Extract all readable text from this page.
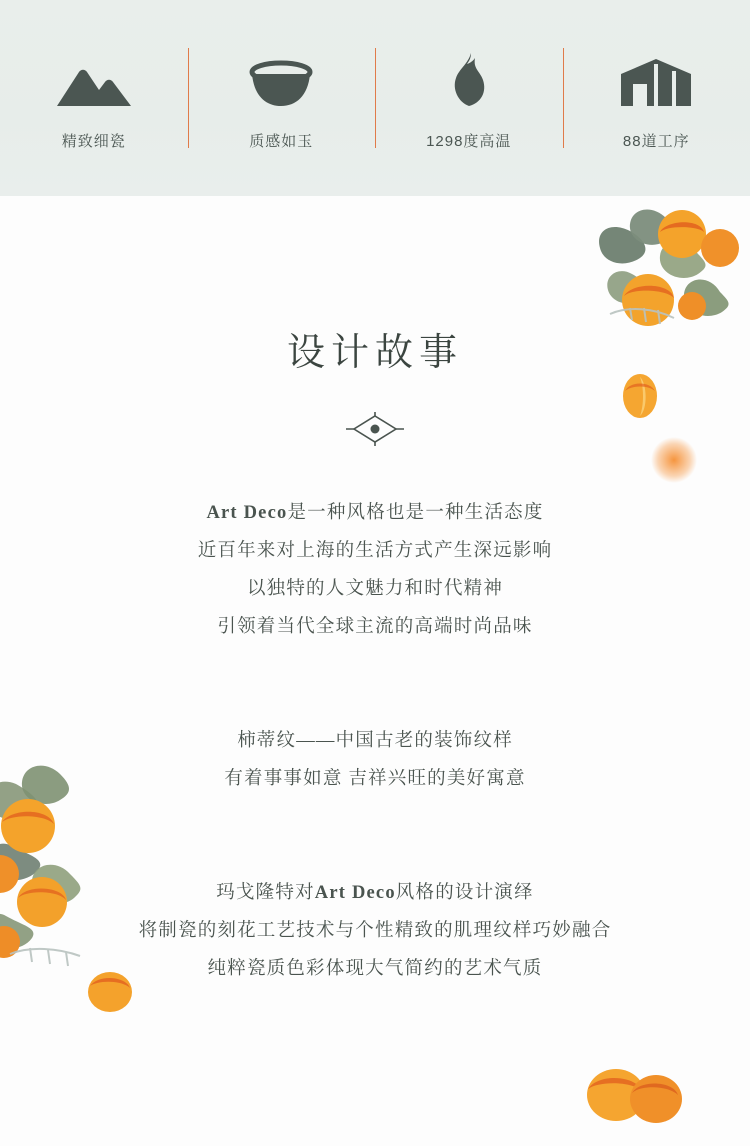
精致细瓷	质感如玉	1298度高温	88道工序
设计故事
Art Deco是一种风格也是一种生活态度
近百年来对上海的生活方式产生深远影响
以独特的人文魅力和时代精神
引领着当代全球主流的高端时尚品味
柿蒂纹——中国古老的装饰纹样
有着事事如意 吉祥兴旺的美好寓意
玛戈隆特对Art Deco风格的设计演绎
将制瓷的刻花工艺技术与个性精致的肌理纹样巧妙融合
纯粹瓷质色彩体现大气简约的艺术气质
